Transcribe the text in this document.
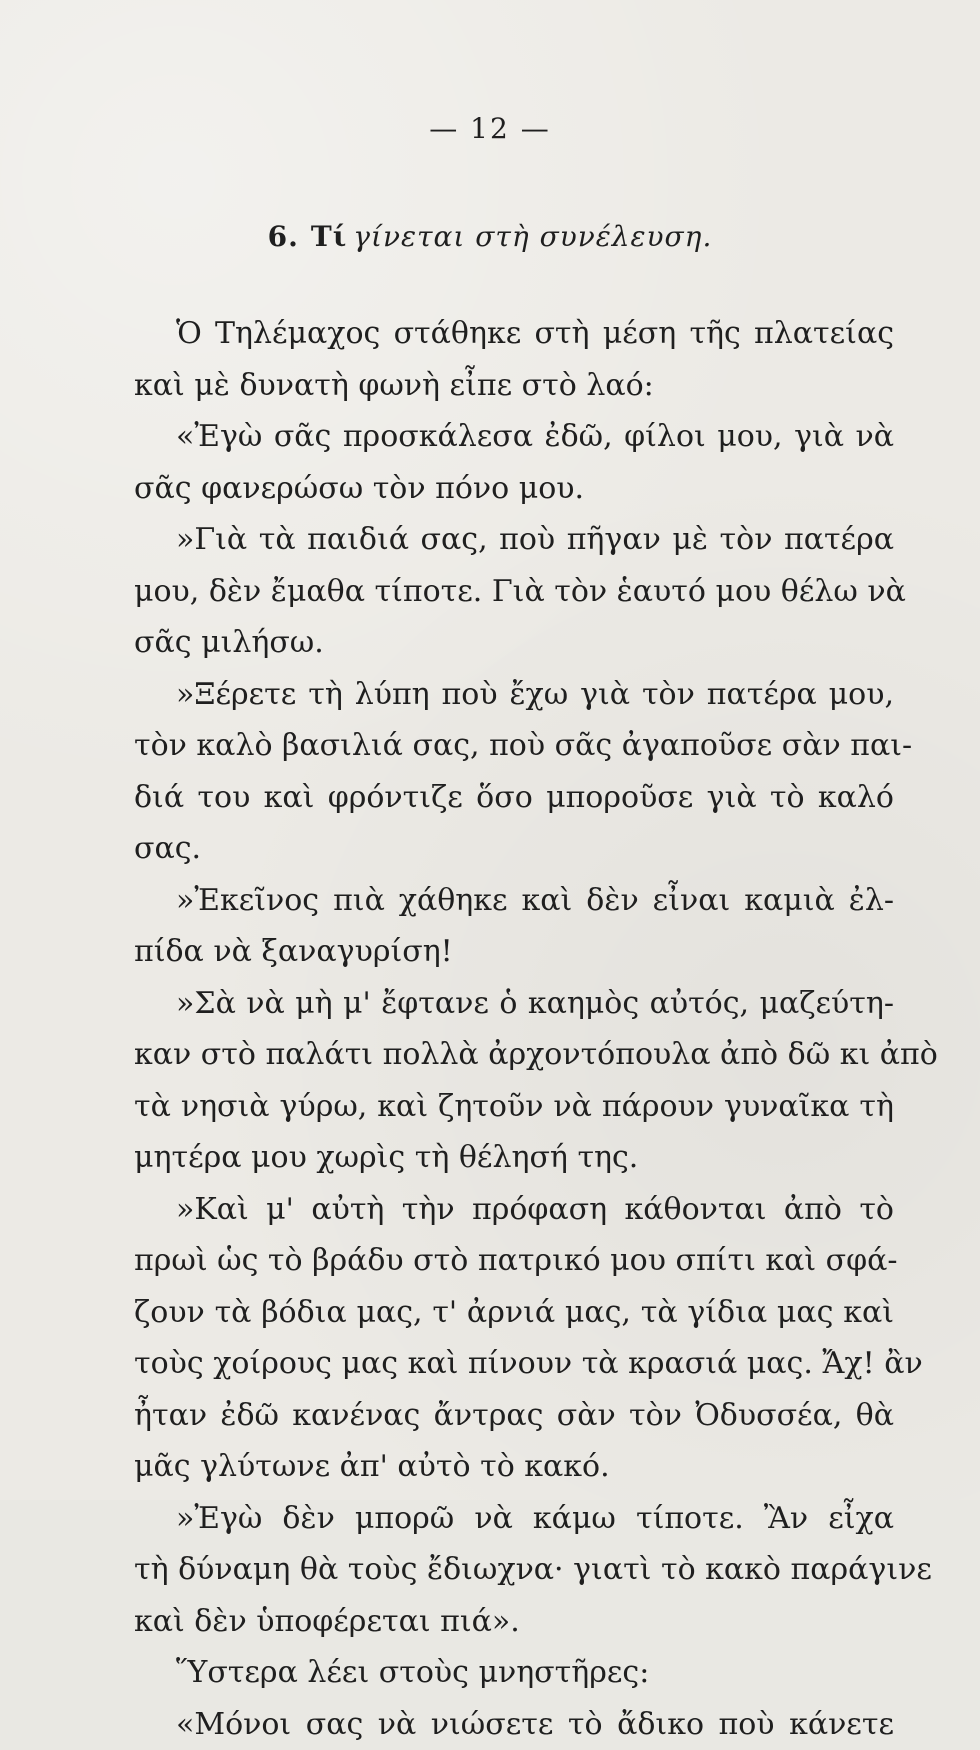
— 12 —
6. Τί γίνεται στὴ συνέλευση.
Ὁ Τηλέμαχος στάθηκε στὴ μέση τῆς πλατείας
καὶ μὲ δυνατὴ φωνὴ εἶπε στὸ λαό:
«Ἐγὼ σᾶς προσκάλεσα ἐδῶ, φίλοι μου, γιὰ νὰ
σᾶς φανερώσω τὸν πόνο μου.
»Γιὰ τὰ παιδιά σας, ποὺ πῆγαν μὲ τὸν πατέρα
μου, δὲν ἔμαθα τίποτε. Γιὰ τὸν ἑαυτό μου θέλω νὰ
σᾶς μιλήσω.
»Ξέρετε τὴ λύπη ποὺ ἔχω γιὰ τὸν πατέρα μου,
τὸν καλὸ βασιλιά σας, ποὺ σᾶς ἀγαποῦσε σὰν παι-
διά του καὶ φρόντιζε ὅσο μποροῦσε γιὰ τὸ καλό
σας.
»Ἐκεῖνος πιὰ χάθηκε καὶ δὲν εἶναι καμιὰ ἐλ-
πίδα νὰ ξαναγυρίση!
»Σὰ νὰ μὴ μ' ἔφτανε ὁ καημὸς αὐτός, μαζεύτη-
καν στὸ παλάτι πολλὰ ἀρχοντόπουλα ἀπὸ δῶ κι ἀπὸ
τὰ νησιὰ γύρω, καὶ ζητοῦν νὰ πάρουν γυναῖκα τὴ
μητέρα μου χωρὶς τὴ θέλησή της.
»Καὶ μ' αὐτὴ τὴν πρόφαση κάθονται ἀπὸ τὸ
πρωὶ ὡς τὸ βράδυ στὸ πατρικό μου σπίτι καὶ σφά-
ζουν τὰ βόδια μας, τ' ἀρνιά μας, τὰ γίδια μας καὶ
τοὺς χοίρους μας καὶ πίνουν τὰ κρασιά μας. Ἄχ! ἂν
ἦταν ἐδῶ κανένας ἄντρας σὰν τὸν Ὀδυσσέα, θὰ
μᾶς γλύτωνε ἀπ' αὐτὸ τὸ κακό.
»Ἐγὼ δὲν μπορῶ νὰ κάμω τίποτε. Ἂν εἶχα
τὴ δύναμη θὰ τοὺς ἔδιωχνα· γιατὶ τὸ κακὸ παράγινε
καὶ δὲν ὑποφέρεται πιά».
Ὕστερα λέει στοὺς μνηστῆρες:
«Μόνοι σας νὰ νιώσετε τὸ ἄδικο ποὺ κάνετε
